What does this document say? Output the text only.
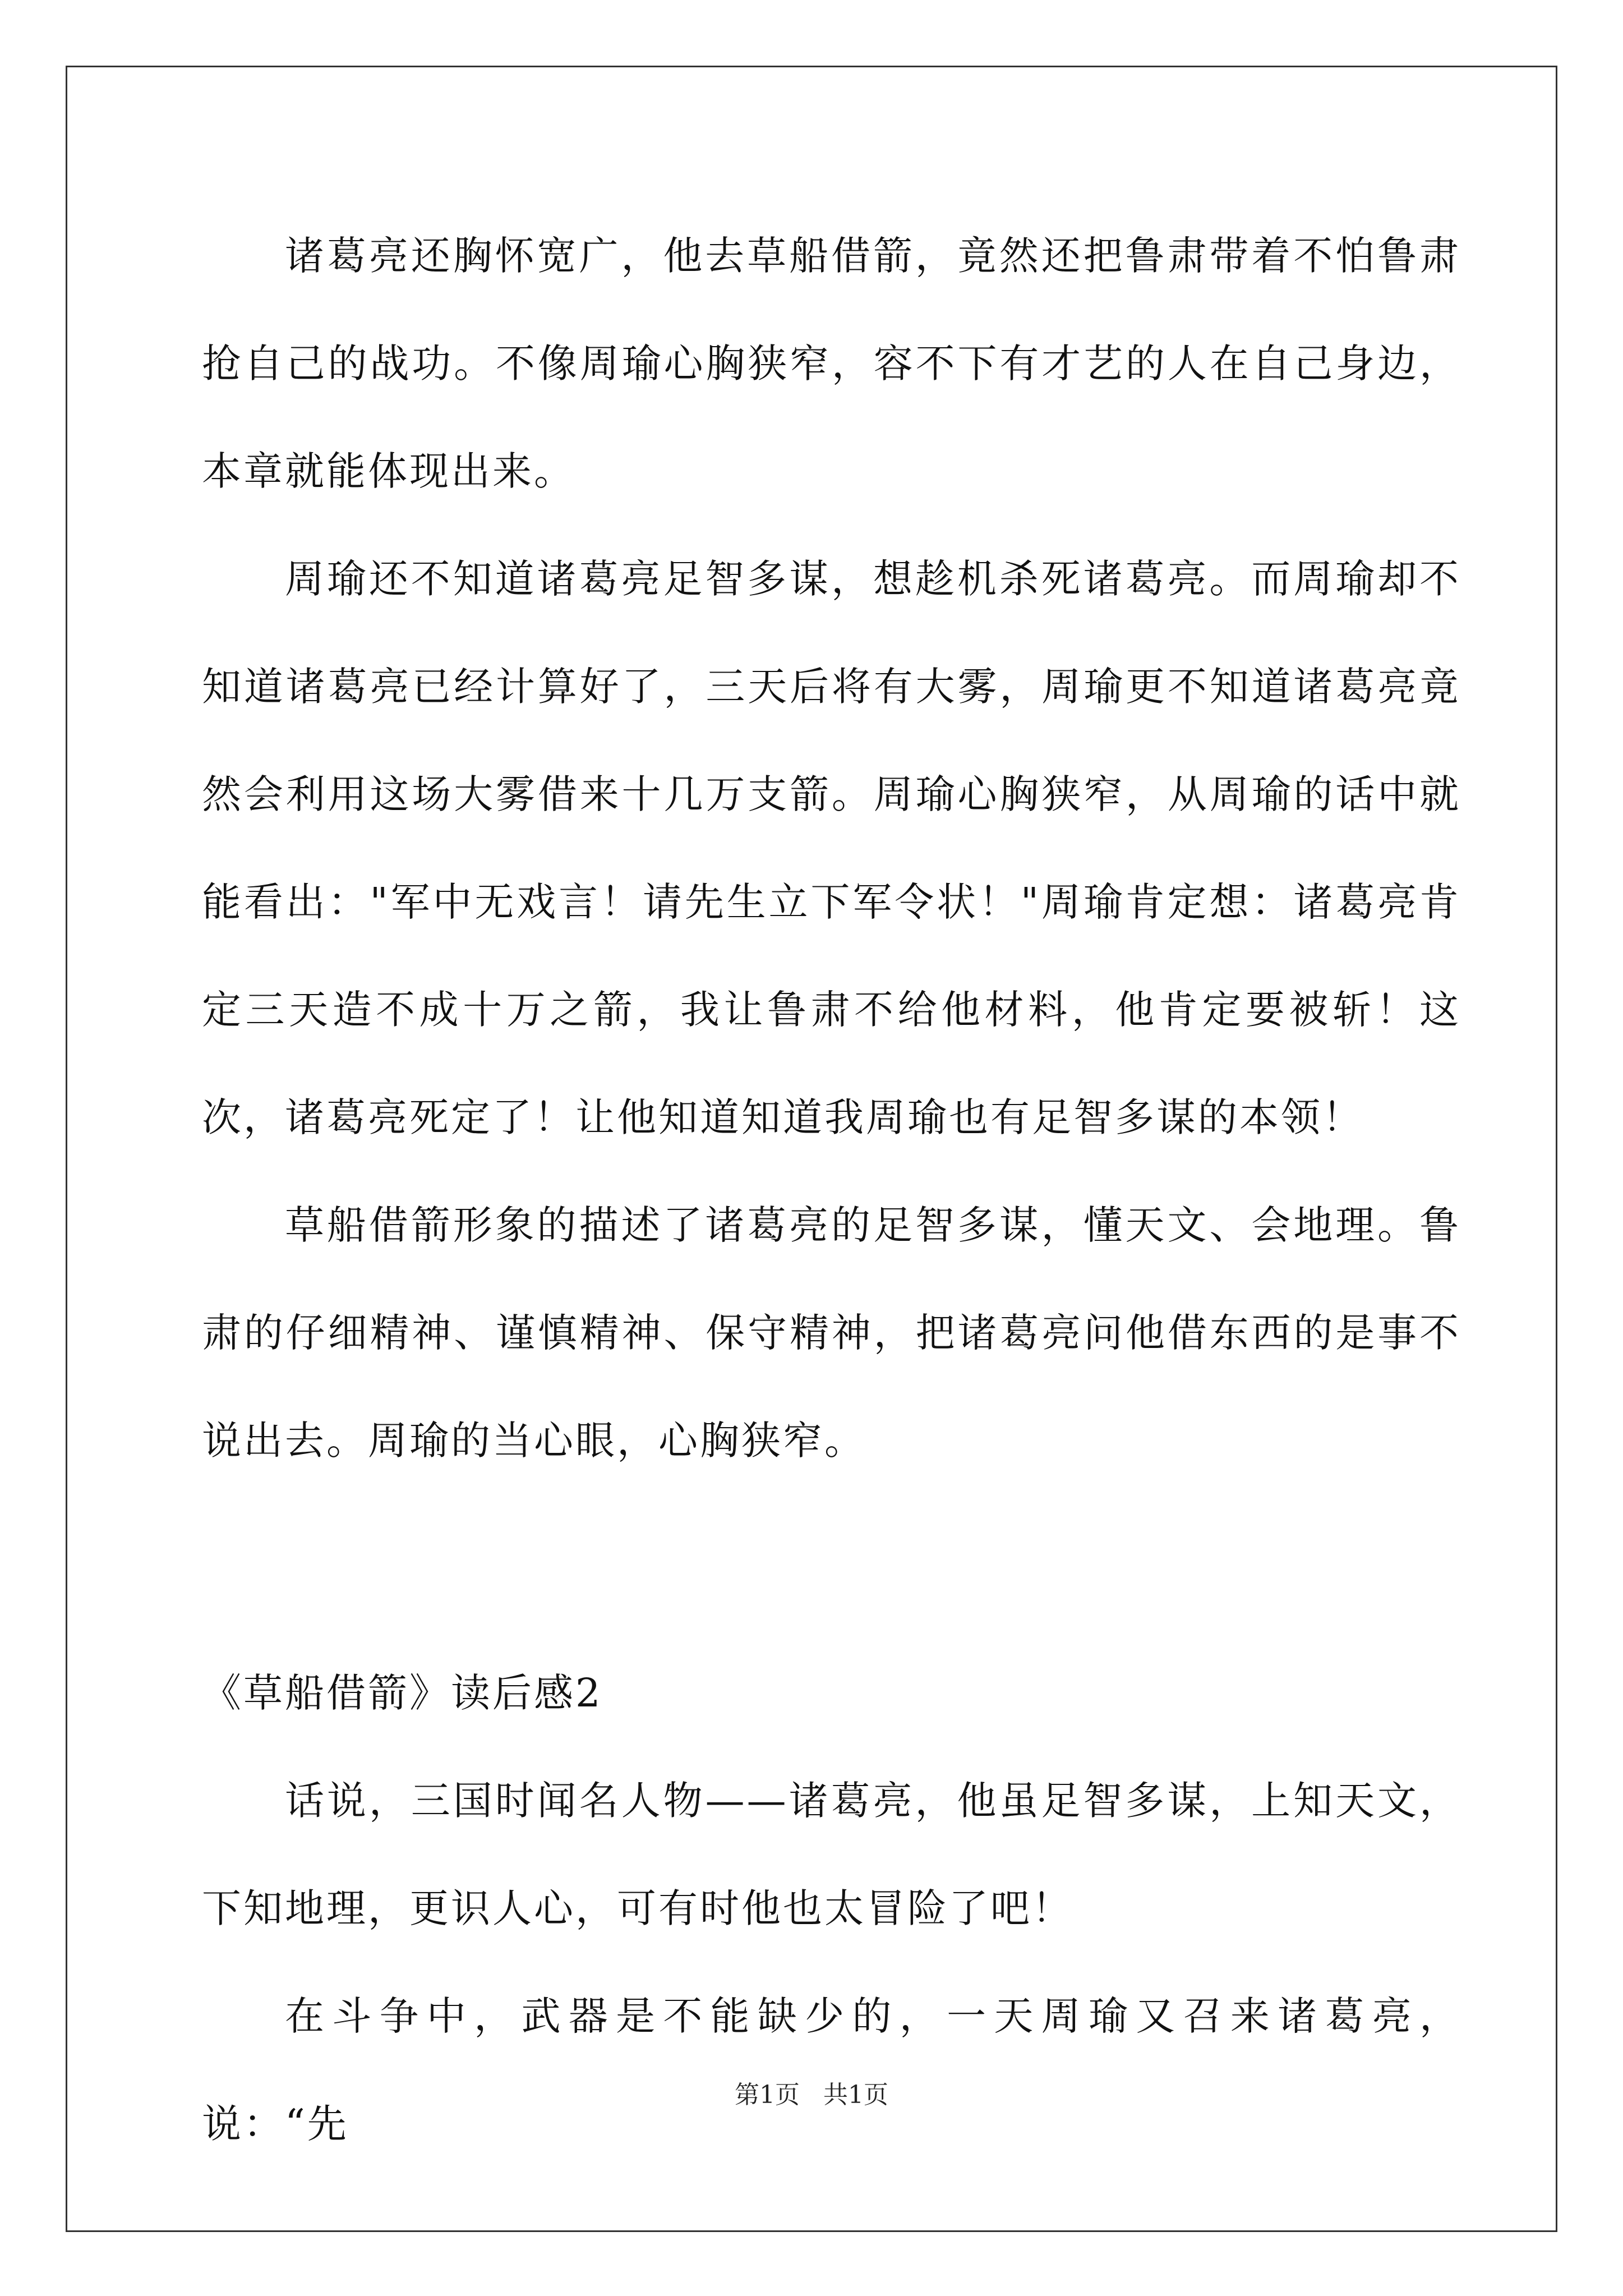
诸葛亮还胸怀宽广，他去草船借箭，竟然还把鲁肃带着不怕鲁肃抢自己的战功。不像周瑜心胸狭窄，容不下有才艺的人在自己身边，本章就能体现出来。

周瑜还不知道诸葛亮足智多谋，想趁机杀死诸葛亮。而周瑜却不知道诸葛亮已经计算好了，三天后将有大雾，周瑜更不知道诸葛亮竟然会利用这场大雾借来十几万支箭。周瑜心胸狭窄，从周瑜的话中就能看出："军中无戏言！请先生立下军令状！"周瑜肯定想：诸葛亮肯定三天造不成十万之箭，我让鲁肃不给他材料，他肯定要被斩！这次，诸葛亮死定了！让他知道知道我周瑜也有足智多谋的本领！

草船借箭形象的描述了诸葛亮的足智多谋，懂天文、会地理。鲁肃的仔细精神、谨慎精神、保守精神，把诸葛亮问他借东西的是事不说出去。周瑜的当心眼，心胸狭窄。

《草船借箭》读后感2

话说，三国时闻名人物——诸葛亮，他虽足智多谋，上知天文，下知地理，更识人心，可有时他也太冒险了吧！

在斗争中，武器是不能缺少的，一天周瑜又召来诸葛亮，说：“先

第1页 共1页
